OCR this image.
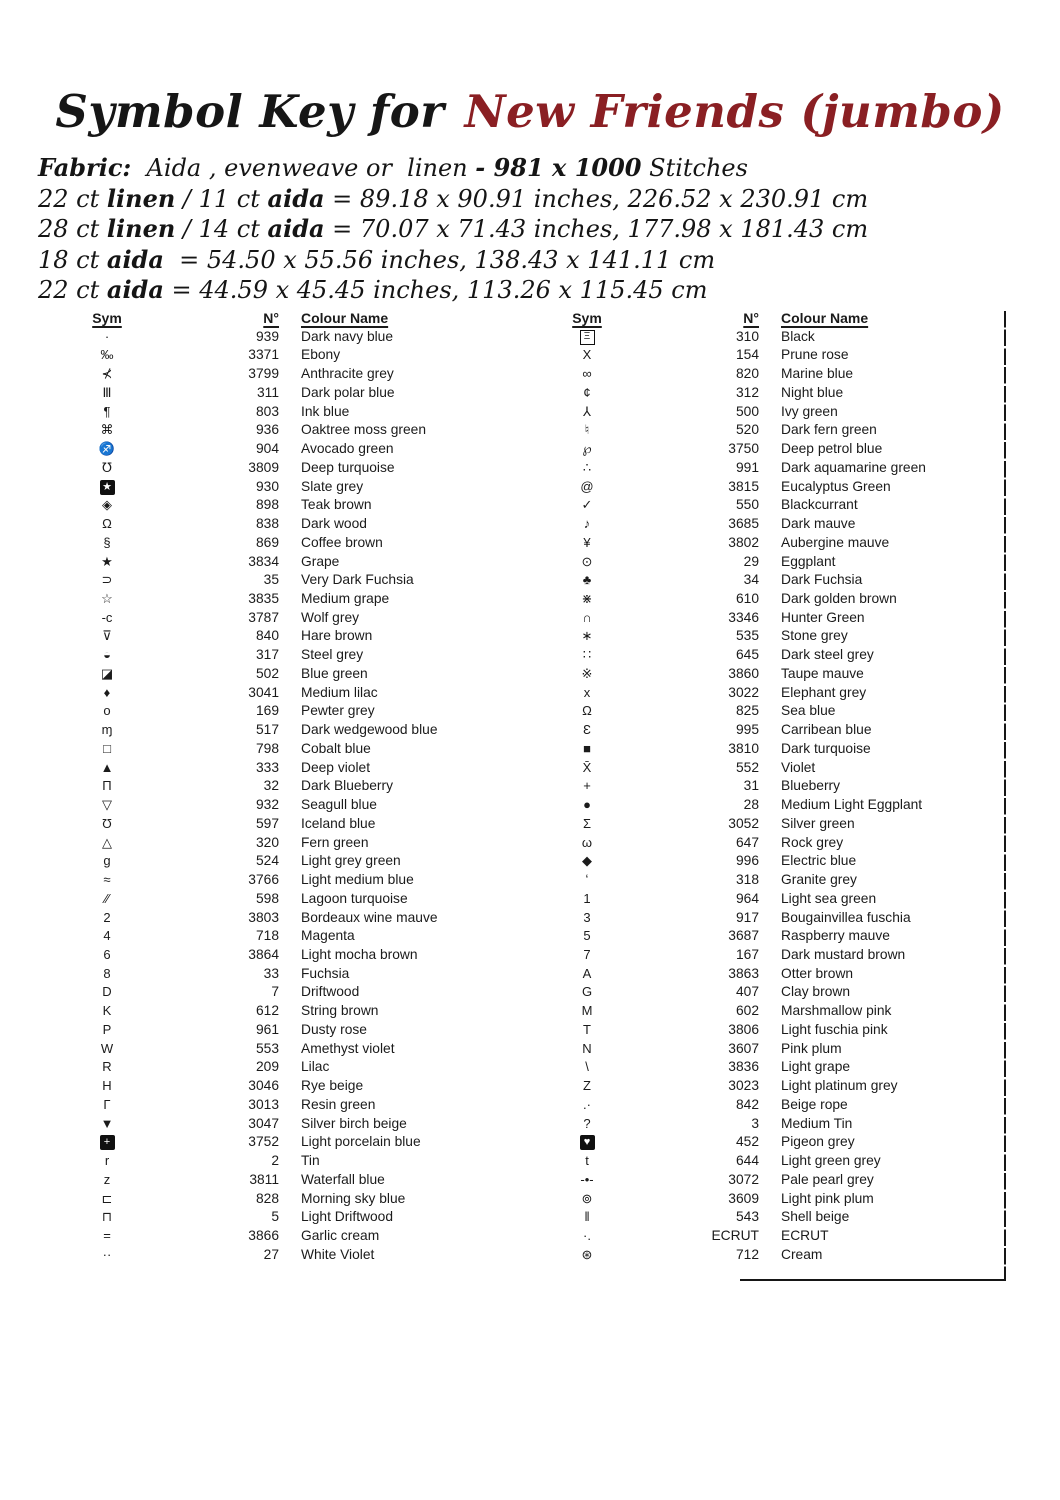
Symbol Key for New Friends (jumbo)
Fabric:  Aida , evenweave or  linen - 981 x 1000 Stitches
22 ct linen / 11 ct aida = 89.18 x 90.91 inches, 226.52 x 230.91 cm
28 ct linen / 14 ct aida = 70.07 x 71.43 inches, 177.98 x 181.43 cm
18 ct aida  = 54.50 x 55.56 inches, 138.43 x 141.11 cm
22 ct aida = 44.59 x 45.45 inches, 113.26 x 115.45 cm
Sym	N° Colour Name
·	939 Dark navy blue
‰	3371 Ebony
⊀	3799 Anthracite grey
Ⅲ	311 Dark polar blue
¶	803 Ink blue
⌘	936 Oaktree moss green
♐	904 Avocado green
℧	3809 Deep turquoise
★	930 Slate grey
◈	898 Teak brown
Ω	838 Dark wood
§	869 Coffee brown
★	3834 Grape
⊃	35 Very Dark Fuchsia
☆	3835 Medium grape
-c	3787 Wolf grey
⊽	840 Hare brown
◒	317 Steel grey
◪	502 Blue green
♦	3041 Medium lilac
o	169 Pewter grey
ɱ	517 Dark wedgewood blue
□	798 Cobalt blue
▲	333 Deep violet
Π	32 Dark Blueberry
▽	932 Seagull blue
Ʊ	597 Iceland blue
△	320 Fern green
g	524 Light grey green
≈	3766 Light medium blue
∕∕	598 Lagoon turquoise
2	3803 Bordeaux wine mauve
4	718 Magenta
6	3864 Light mocha brown
8	33 Fuchsia
D	7 Driftwood
K	612 String brown
P	961 Dusty rose
W	553 Amethyst violet
R	209 Lilac
H	3046 Rye beige
Γ	3013 Resin green
▼	3047 Silver birch beige
+	3752 Light porcelain blue
r	2 Tin
z	3811 Waterfall blue
⊏	828 Morning sky blue
⊓	5 Light Driftwood
=	3866 Garlic cream
··	27 White Violet
Sym	N° Colour Name
Ξ	310 Black
X	154 Prune rose
∞	820 Marine blue
¢	312 Night blue
⅄	500 Ivy green
♮	520 Dark fern green
℘	3750 Deep petrol blue
∴	991 Dark aquamarine green
@	3815 Eucalyptus Green
✓	550 Blackcurrant
♪	3685 Dark mauve
¥	3802 Aubergine mauve
⊙	29 Eggplant
♣	34 Dark Fuchsia
⋇	610 Dark golden brown
∩	3346 Hunter Green
∗	535 Stone grey
∷	645 Dark steel grey
※	3860 Taupe mauve
x	3022 Elephant grey
Ω	825 Sea blue
Ɛ	995 Carribean blue
■	3810 Dark turquoise
X̄	552 Violet
+	31 Blueberry
●	28 Medium Light Eggplant
Σ	3052 Silver green
ω	647 Rock grey
◆	996 Electric blue
ʻ	318 Granite grey
1	964 Light sea green
3	917 Bougainvillea fuschia
5	3687 Raspberry mauve
7	167 Dark mustard brown
A	3863 Otter brown
G	407 Clay brown
M	602 Marshmallow pink
T	3806 Light fuschia pink
N	3607 Pink plum
\	3836 Light grape
Z	3023 Light platinum grey
.·	842 Beige rope
?	3 Medium Tin
♥	452 Pigeon grey
t	644 Light green grey
-•-	3072 Pale pearl grey
⊚	3609 Light pink plum
ǁ	543 Shell beige
·.	ECRUT ECRUT
⊛	712 Cream
